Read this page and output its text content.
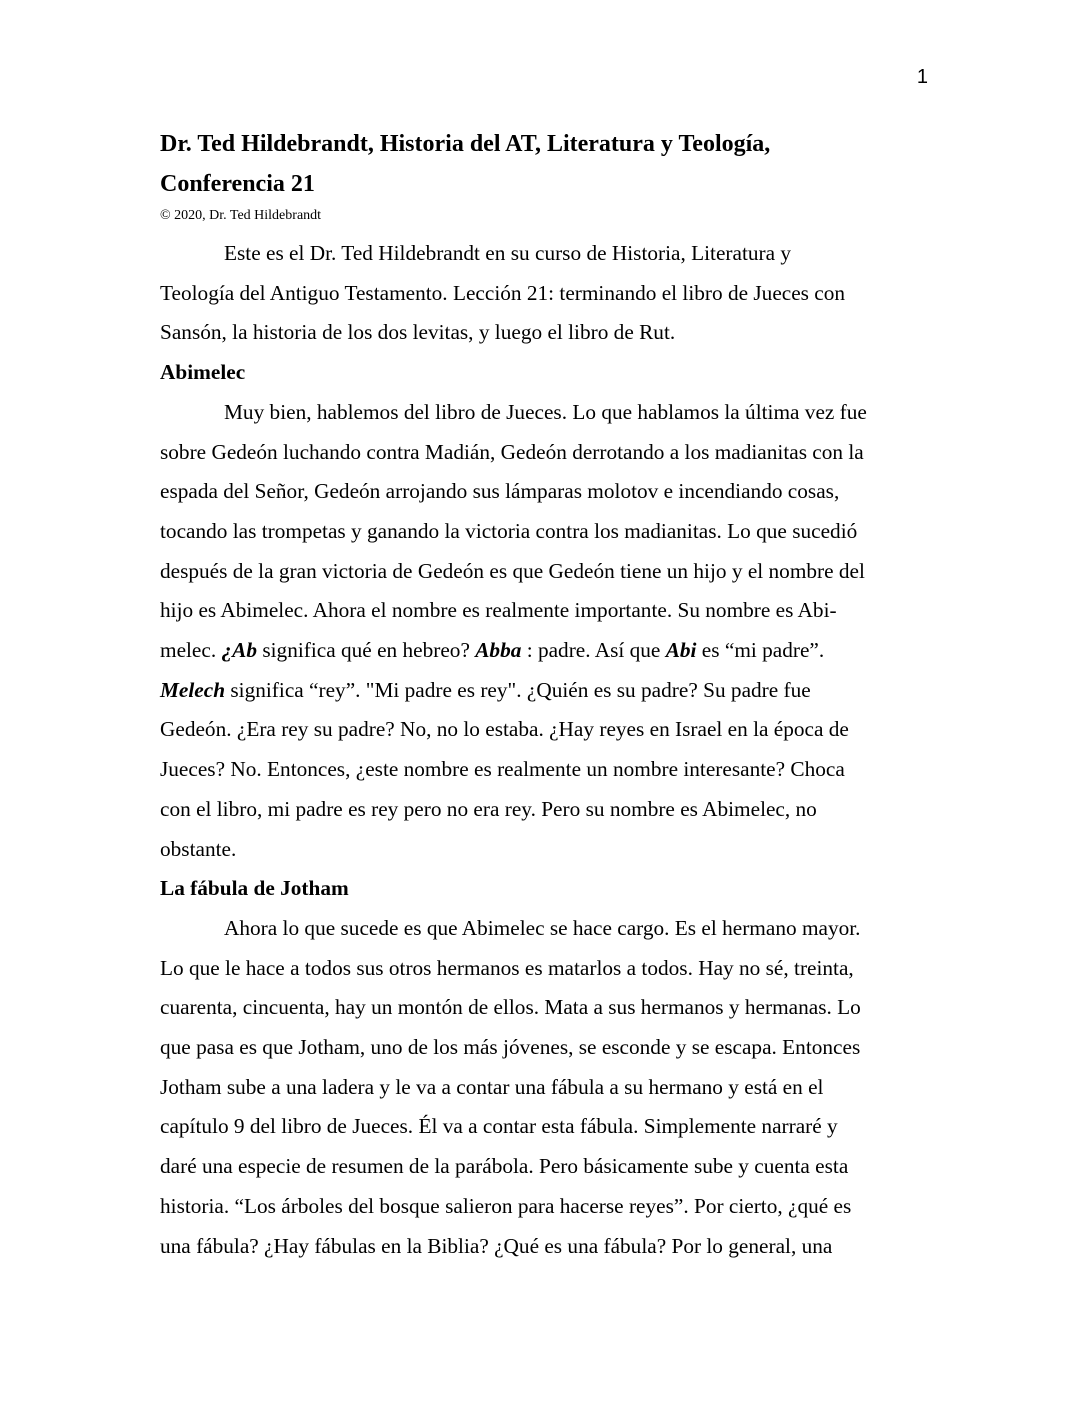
1
Dr. Ted Hildebrandt, Historia del AT, Literatura y Teología,
Conferencia 21
© 2020, Dr. Ted Hildebrandt
Este es el Dr. Ted Hildebrandt en su curso de Historia, Literatura y
Teología del Antiguo Testamento. Lección 21: terminando el libro de Jueces con
Sansón, la historia de los dos levitas, y luego el libro de Rut.
Abimelec
Muy bien, hablemos del libro de Jueces. Lo que hablamos la última vez fue
sobre Gedeón luchando contra Madián, Gedeón derrotando a los madianitas con la
espada del Señor, Gedeón arrojando sus lámparas molotov e incendiando cosas,
tocando las trompetas y ganando la victoria contra los madianitas. Lo que sucedió
después de la gran victoria de Gedeón es que Gedeón tiene un hijo y el nombre del
hijo es Abimelec. Ahora el nombre es realmente importante. Su nombre es Abi-
melec. ¿Ab significa qué en hebreo? Abba : padre. Así que Abi es “mi padre”.
Melech significa “rey”. "Mi padre es rey". ¿Quién es su padre? Su padre fue
Gedeón. ¿Era rey su padre? No, no lo estaba. ¿Hay reyes en Israel en la época de
Jueces? No. Entonces, ¿este nombre es realmente un nombre interesante? Choca
con el libro, mi padre es rey pero no era rey. Pero su nombre es Abimelec, no
obstante.
La fábula de Jotham
Ahora lo que sucede es que Abimelec se hace cargo. Es el hermano mayor.
Lo que le hace a todos sus otros hermanos es matarlos a todos. Hay no sé, treinta,
cuarenta, cincuenta, hay un montón de ellos. Mata a sus hermanos y hermanas. Lo
que pasa es que Jotham, uno de los más jóvenes, se esconde y se escapa. Entonces
Jotham sube a una ladera y le va a contar una fábula a su hermano y está en el
capítulo 9 del libro de Jueces. Él va a contar esta fábula. Simplemente narraré y
daré una especie de resumen de la parábola. Pero básicamente sube y cuenta esta
historia. “Los árboles del bosque salieron para hacerse reyes”. Por cierto, ¿qué es
una fábula? ¿Hay fábulas en la Biblia? ¿Qué es una fábula? Por lo general, una
